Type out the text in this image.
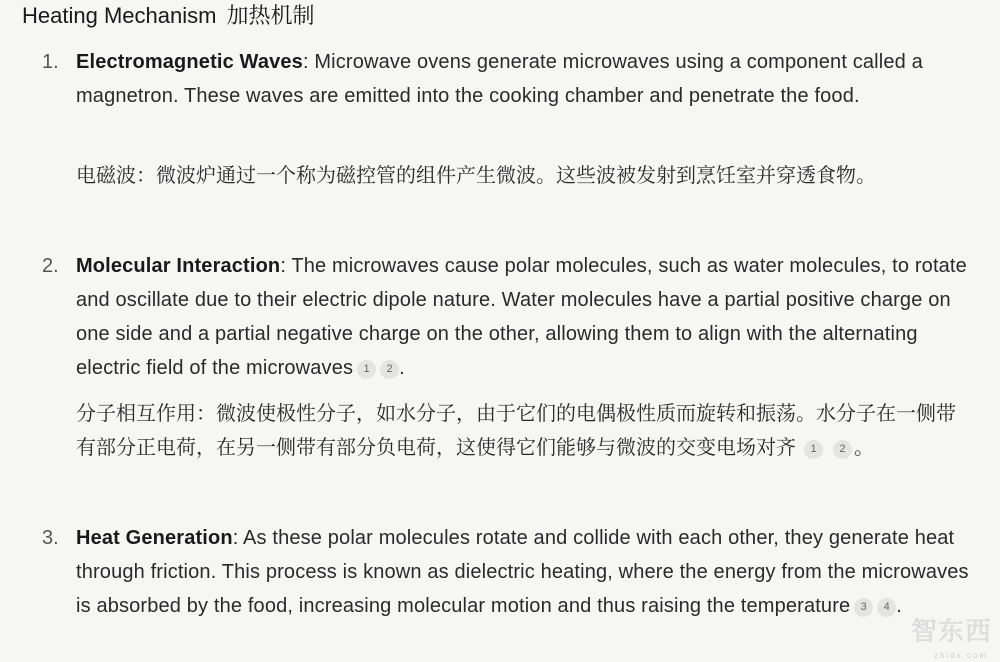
Heating Mechanism 加热机制
1. Electromagnetic Waves: Microwave ovens generate microwaves using a component called a magnetron. These waves are emitted into the cooking chamber and penetrate the food.
电磁波：微波炉通过一个称为磁控管的组件产生微波。这些波被发射到烹饪室并穿透食物。
2. Molecular Interaction: The microwaves cause polar molecules, such as water molecules, to rotate and oscillate due to their electric dipole nature. Water molecules have a partial positive charge on one side and a partial negative charge on the other, allowing them to align with the alternating electric field of the microwaves 1 2 .
分子相互作用：微波使极性分子，如水分子，由于它们的电偶极性质而旋转和振荡。水分子在一侧带有部分正电荷，在另一侧带有部分负电荷，这使得它们能够与微波的交变电场对齐 1 2 。
3. Heat Generation: As these polar molecules rotate and collide with each other, they generate heat through friction. This process is known as dielectric heating, where the energy from the microwaves is absorbed by the food, increasing molecular motion and thus raising the temperature 3 4 .
智东西
zhidx.com
